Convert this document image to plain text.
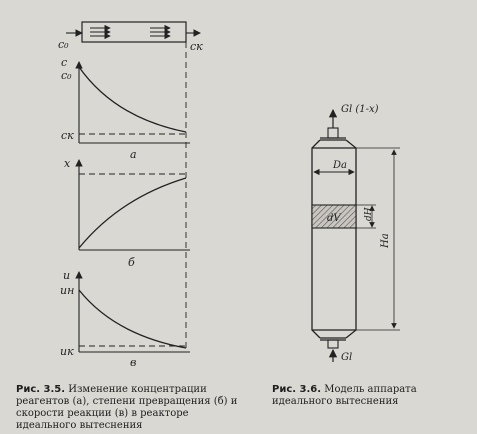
c₀	cк
c
c₀
cк
а
x
б
u
uн
uк
в
Gl (1-x)
Da
dV	dH
Ha
Gl
Рис. 3.5. Изменение концентрации реагентов (а), степени превращения (б) и скорости реакции (в) в реакторе идеального вытеснения
Рис. 3.6. Модель аппарата идеального вытеснения
